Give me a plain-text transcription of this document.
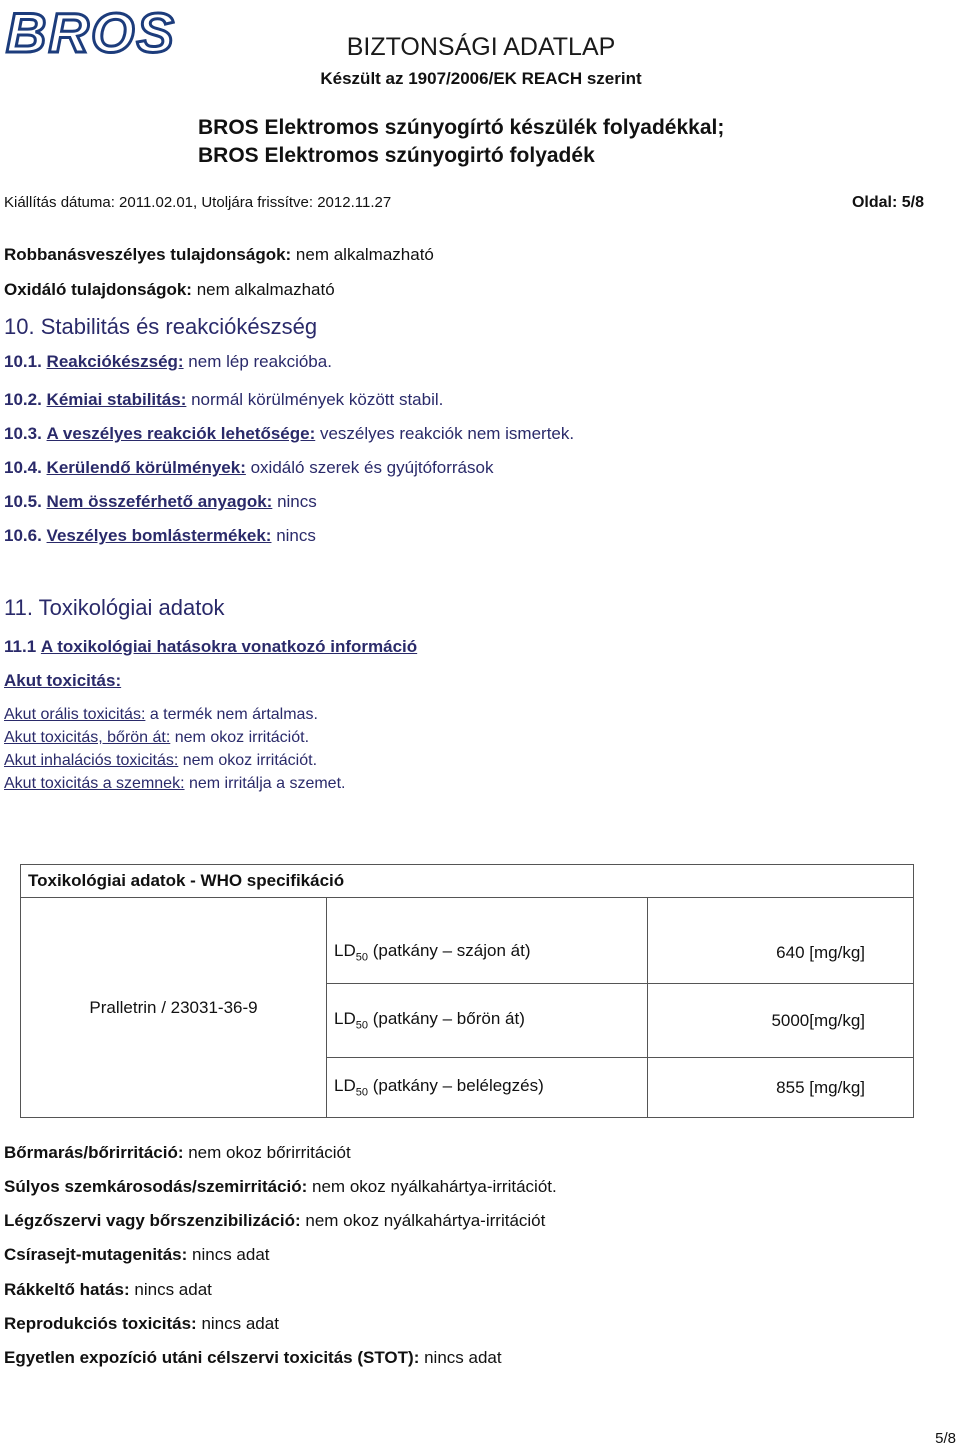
BROS	BIZTONSÁGI ADATLAP
Készült az 1907/2006/EK REACH szerint
BROS Elektromos szúnyogírtó készülék folyadékkal;
BROS Elektromos szúnyogirtó folyadék
Kiállítás dátuma: 2011.02.01, Utoljára frissítve: 2012.11.27	Oldal: 5/8
Robbanásveszélyes tulajdonságok: nem alkalmazható
Oxidáló tulajdonságok: nem alkalmazható
10. Stabilitás és reakciókészség
10.1. Reakciókészség: nem lép reakcióba.
10.2. Kémiai stabilitás: normál körülmények között stabil.
10.3. A veszélyes reakciók lehetősége: veszélyes reakciók nem ismertek.
10.4. Kerülendő körülmények: oxidáló szerek és gyújtóforrások
10.5. Nem összeférhető anyagok: nincs
10.6. Veszélyes bomlástermékek: nincs
11. Toxikológiai adatok
11.1 A toxikológiai hatásokra vonatkozó információ
Akut toxicitás:
Akut orális toxicitás: a termék nem ártalmas.
Akut toxicitás, bőrön át: nem okoz irritációt.
Akut inhalációs toxicitás: nem okoz irritációt.
Akut toxicitás a szemnek: nem irritálja a szemet.
Toxikológiai adatok - WHO specifikáció		

Pralletrin / 23031-36-9	$LD_{50}$ (patkány – szájon át)	640 [mg/kg]
	$LD_{50}$ (patkány – bőrön át)	5000[mg/kg]
	$LD_{50}$ (patkány – belélegzés)	855 [mg/kg]
Bőrmarás/bőrirritáció: nem okoz bőrirritációt
Súlyos szemkárosodás/szemirritáció: nem okoz nyálkahártya-irritációt.
Légzőszervi vagy bőrszenzibilizáció: nem okoz nyálkahártya-irritációt
Csírasejt-mutagenitás: nincs adat
Rákkeltő hatás: nincs adat
Reprodukciós toxicitás: nincs adat
Egyetlen expozíció utáni célszervi toxicitás (STOT): nincs adat
5/8
